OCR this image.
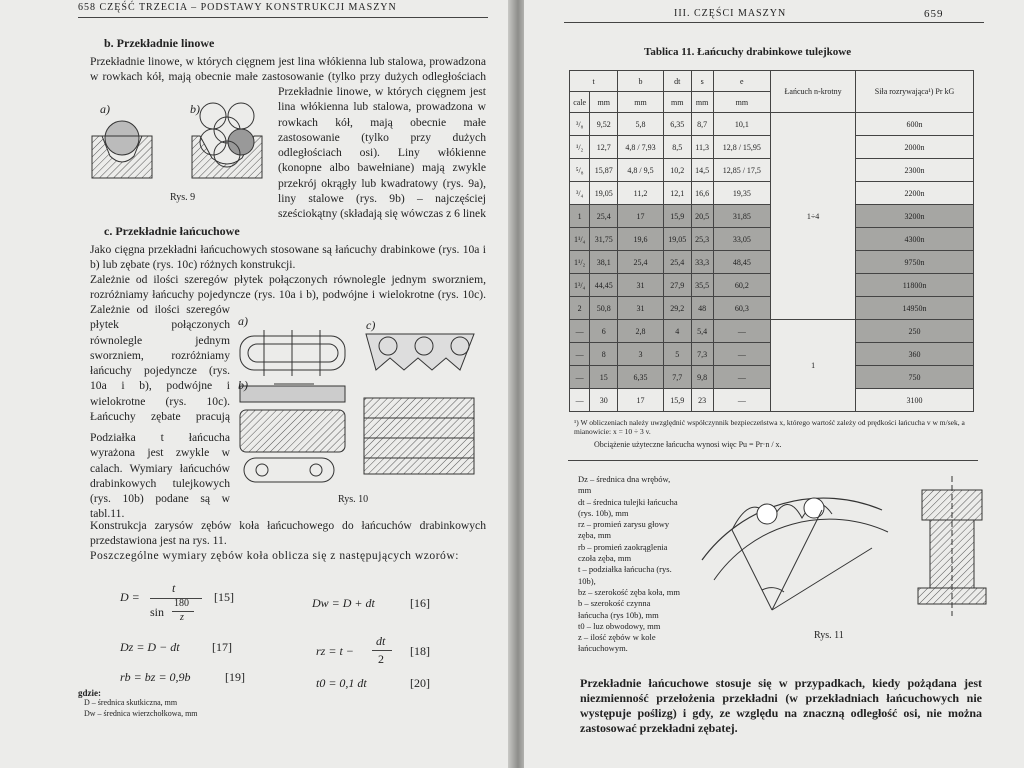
658 CZĘŚĆ TRZECIA – PODSTAWY KONSTRUKCJI MASZYN
b. Przekładnie linowe
Przekładnie linowe, w których cięgnem jest lina włókienna lub stalowa, prowadzona w rowkach kół, mają obecnie małe zastosowanie (tylko przy dużych odległościach
Przekładnie linowe, w których cięgnem jest lina włókienna lub stalowa, prowadzona w rowkach kół, mają obecnie małe zastosowanie (tylko przy dużych odległościach osi). Liny włókienne (konopne albo bawełniane) mają zwykle przekrój okrągły lub kwadratowy (rys. 9a), liny stalowe (rys. 9b) – najczęściej sześciokątny (składają się wówczas z 6 linek
a)	b)
Rys. 9
c. Przekładnie łańcuchowe
Jako cięgna przekładni łańcuchowych stosowane są łańcuchy drabinkowe (rys. 10a i b) lub zębate (rys. 10c) różnych konstrukcji.
Zależnie od ilości szeregów płytek połączonych równolegle jednym sworzniem, rozróżniamy łańcuchy pojedyncze (rys. 10a i b), podwójne i wielokrotne (rys. 10c).
Zależnie od ilości szeregów płytek połączonych równolegle jednym sworzniem, rozróżniamy łańcuchy pojedyncze (rys. 10a i b), podwójne i wielokrotne (rys. 10c). Łańcuchy zębate pracują
Podziałka t łańcucha wyrażona jest zwykle w calach. Wymiary łańcuchów drabinkowych tulejkowych (rys. 10b) podane są w tabl.11.
a)
b)
c)
Rys. 10
Konstrukcja zarysów zębów koła łańcuchowego do łańcuchów drabinkowych przedstawiona jest na rys. 11.
Poszczególne wymiary zębów koła oblicza się z następujących wzorów:
D =
t
sin
180
z
[15]	Dw = D + dt	[16]
Dz = D − dt	[17]	rz = t −
dt
2
[18]
rb = bz = 0,9b	[19]	t0 = 0,1 dt	[20]
gdzie:
D – średnica skutkiczna, mm
Dw – średnica wierzchołkowa, mm
III. CZĘŚCI MASZYN	659
Tablica 11. Łańcuchy drabinkowe tulejkowe
t		b	dt	s	e	Łańcuch n-krotny	Siła rozrywająca¹) Pr kG
cale	mm	mm	mm	mm	mm		
³/₈	9,52	5,8	6,35	8,7	10,1	1÷4	600n
¹/₂	12,7	4,8 / 7,93	8,5	11,3	12,8 / 15,95		2000n
⁵/₈	15,87	4,8 / 9,5	10,2	14,5	12,85 / 17,5		2300n
³/₄	19,05	11,2	12,1	16,6	19,35		2200n
1	25,4	17	15,9	20,5	31,85		3200n
1¹/₄	31,75	19,6	19,05	25,3	33,05		4300n
1¹/₂	38,1	25,4	25,4	33,3	48,45		9750n
1³/₄	44,45	31	27,9	35,5	60,2		11800n
2	50,8	31	29,2	48	60,3		14950n
—	6	2,8	4	5,4	—	1	250
—	8	3	5	7,3	—		360
—	15	6,35	7,7	9,8	—		750
—	30	17	15,9	23	—		3100
¹) W obliczeniach należy uwzględnić współczynnik bezpieczeństwa x, którego wartość zależy od prędkości łańcucha v w m/sek, a mianowicie: x = 10 ÷ 3 v.
Obciążenie użyteczne łańcucha wynosi więc Pu = Pr·n / x.
Dz – średnica dna wrębów, mm
dt – średnica tulejki łańcucha (rys. 10b), mm
rz – promień zarysu głowy zęba, mm
rb – promień zaokrąglenia czoła zęba, mm
t – podziałka łańcucha (rys. 10b),
bz – szerokość zęba koła, mm
b – szerokość czynna łańcucha (rys 10b), mm
t0 – luz obwodowy, mm
z – ilość zębów w kole łańcuchowym.
Rys. 11
Przekładnie łańcuchowe stosuje się w przypadkach, kiedy pożądana jest niezmienność przełożenia przekładni (w przekładniach łańcuchowych nie występuje poślizg) i gdy, ze względu na znaczną odległość osi, nie można zastosować przekładni zębatej.
